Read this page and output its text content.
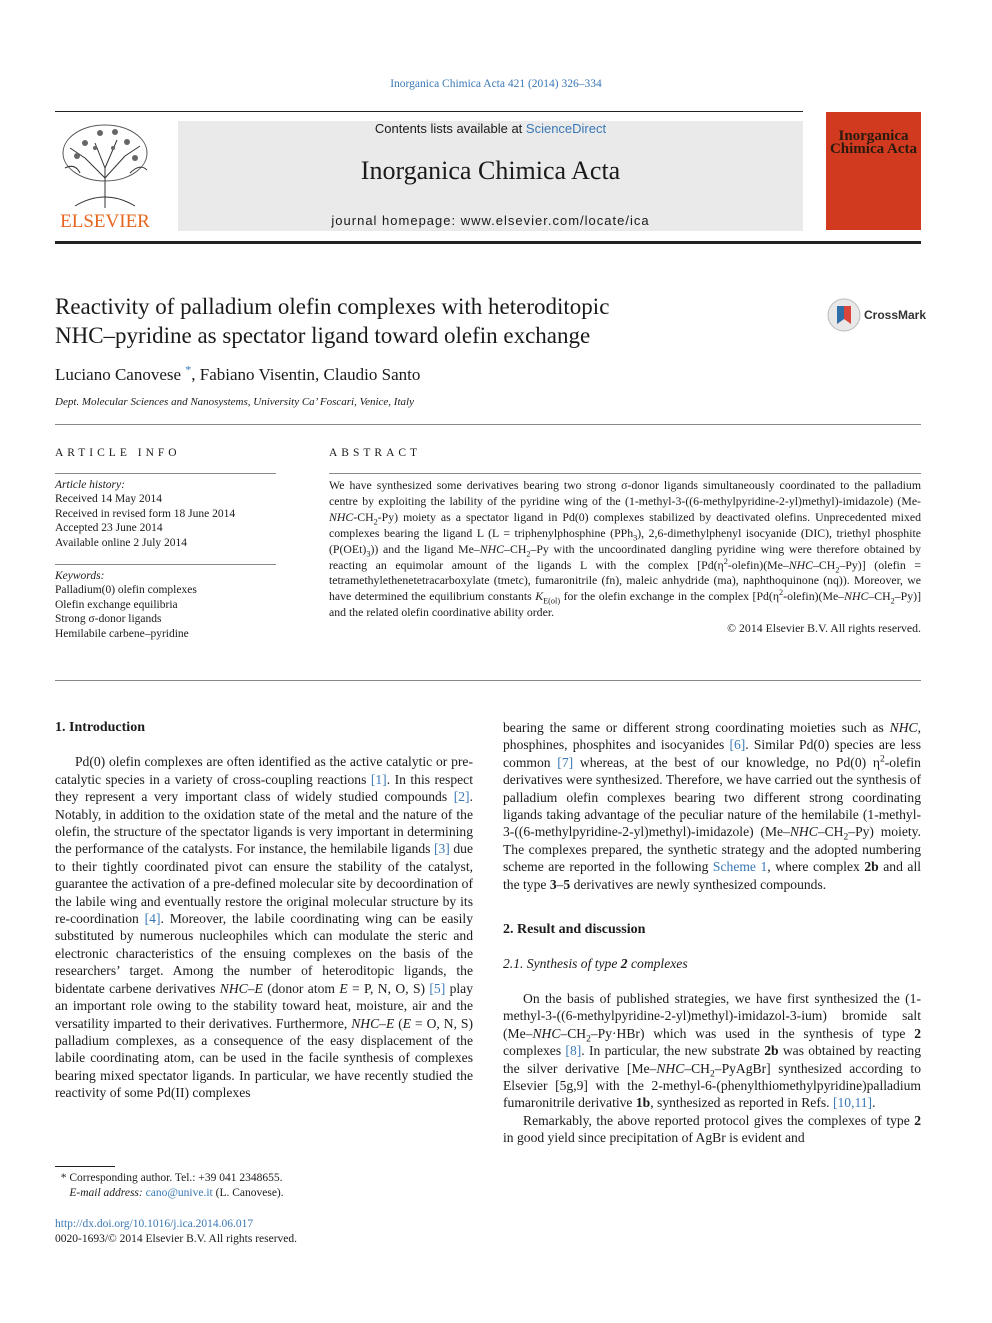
Inorganica Chimica Acta 421 (2014) 326–334
ELSEVIER
Contents lists available at ScienceDirect
Inorganica Chimica Acta
journal homepage: www.elsevier.com/locate/ica
Inorganica
Chimica Acta
Reactivity of palladium olefin complexes with heteroditopic
NHC–pyridine as spectator ligand toward olefin exchange
CrossMark
Luciano Canovese *, Fabiano Visentin, Claudio Santo
Dept. Molecular Sciences and Nanosystems, University Ca’ Foscari, Venice, Italy
ARTICLE INFO	ABSTRACT
Article history:
Received 14 May 2014
Received in revised form 18 June 2014
Accepted 23 June 2014
Available online 2 July 2014
Keywords:
Palladium(0) olefin complexes
Olefin exchange equilibria
Strong σ-donor ligands
Hemilabile carbene–pyridine

We have synthesized some derivatives bearing two strong σ-donor ligands simultaneously coordinated to the palladium centre by exploiting the lability of the pyridine wing of the (1-methyl-3-((6-methylpyridine-2-yl)methyl)-imidazole) $(Me-NHC-CH_2-Py)$ moiety as a spectator ligand in Pd(0) complexes stabilized by deactivated olefins. Unprecedented mixed complexes bearing the ligand L (L = triphenylphosphine (PPh$_3$), 2,6-dimethylphenyl isocyanide (DIC), triethyl phosphite $(P(OEt)_3)$) and the ligand $Me-NHC-CH_2-Py$ with the uncoordinated dangling pyridine wing were therefore obtained by reacting an equimolar amount of the ligands L with the complex $[Pd(\eta^2-olefin)(Me-NHC-CH_2-Py)]$ (olefin = tetramethylethenetetracarboxylate (tmetc), fumaronitrile (fn), maleic anhydride (ma), naphthoquinone (nq)). Moreover, we have determined the equilibrium constants $K_{E(ol)}$ for the olefin exchange in the complex $[Pd(\eta^2-olefin)(Me-NHC-CH_2-Py)]$ and the related olefin coordinative ability order.

© 2014 Elsevier B.V. All rights reserved.

1. Introduction

Pd(0) olefin complexes are often identified as the active catalytic or pre-catalytic species in a variety of cross-coupling reactions [1]. In this respect they represent a very important class of widely studied compounds [2]. Notably, in addition to the oxidation state of the metal and the nature of the olefin, the structure of the spectator ligands is very important in determining the performance of the catalysts. For instance, the hemilabile ligands [3] due to their tightly coordinated pivot can ensure the stability of the catalyst, guarantee the activation of a pre-defined molecular site by decoordination of the labile wing and eventually restore the original molecular structure by its re-coordination [4]. Moreover, the labile coordinating wing can be easily substituted by numerous nucleophiles which can modulate the steric and electronic characteristics of the ensuing complexes on the basis of the researchers’ target. Among the number of heteroditopic ligands, the bidentate carbene derivatives NHC–E (donor atom E = P, N, O, S) [5] play an important role owing to the stability toward heat, moisture, air and the versatility imparted to their derivatives. Furthermore, NHC–E (E = O, N, S) palladium complexes, as a consequence of the easy displacement of the labile coordinating atom, can be used in the facile synthesis of complexes bearing mixed spectator ligands. In particular, we have recently studied the reactivity of some Pd(II) complexes

bearing the same or different strong coordinating moieties such as NHC, phosphines, phosphites and isocyanides [6]. Similar Pd(0) species are less common [7] whereas, at the best of our knowledge, no Pd(0) $\eta^2$-olefin derivatives were synthesized. Therefore, we have carried out the synthesis of palladium olefin complexes bearing two different strong coordinating ligands taking advantage of the peculiar nature of the hemilabile (1-methyl-3-((6-methylpyridine-2-yl)methyl)-imidazole) $(Me-NHC-CH_2-Py)$ moiety. The complexes prepared, the synthetic strategy and the adopted numbering scheme are reported in the following Scheme 1, where complex 2b and all the type 3–5 derivatives are newly synthesized compounds.

2. Result and discussion

2.1. Synthesis of type 2 complexes

On the basis of published strategies, we have first synthesized the (1-methyl-3-((6-methylpyridine-2-yl)methyl)-imidazol-3-ium) bromide salt $(Me-NHC-CH_2-Py\cdot HBr)$ which was used in the synthesis of type 2 complexes [8]. In particular, the new substrate 2b was obtained by reacting the silver derivative $[Me-NHC-CH_2-PyAgBr]$ synthesized according to Elsevier [5g,9] with the 2-methyl-6-(phenylthiomethylpyridine)palladium fumaronitrile derivative 1b, synthesized as reported in Refs. [10,11].

Remarkably, the above reported protocol gives the complexes of type 2 in good yield since precipitation of AgBr is evident and

* Corresponding author. Tel.: +39 041 2348655.
E-mail address: cano@unive.it (L. Canovese).
http://dx.doi.org/10.1016/j.ica.2014.06.017
0020-1693/© 2014 Elsevier B.V. All rights reserved.
